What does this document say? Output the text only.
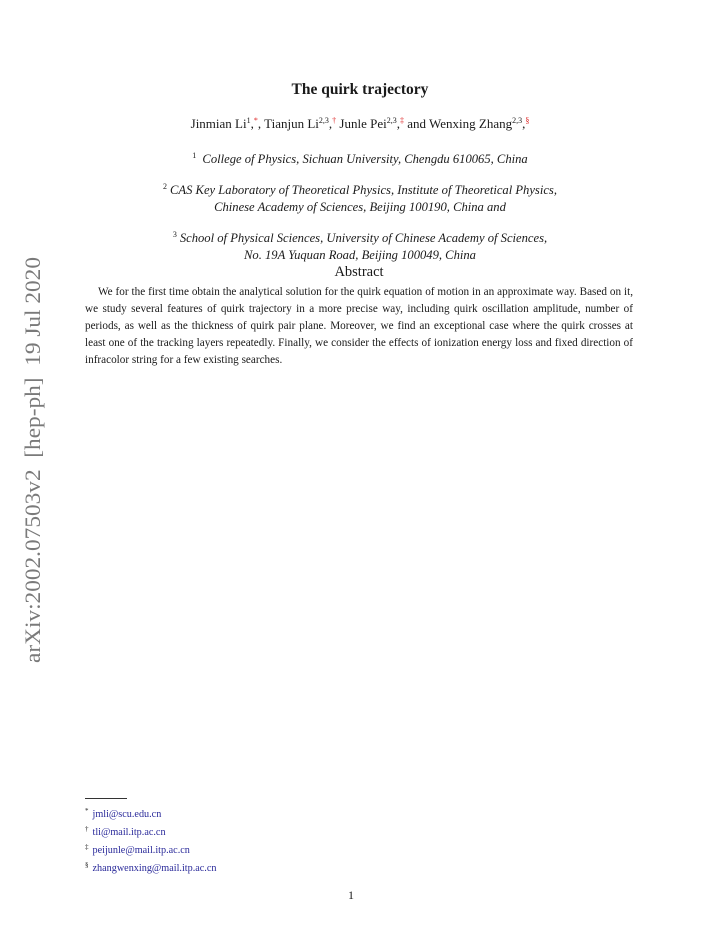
arXiv:2002.07503v2  [hep-ph]  19 Jul 2020
The quirk trajectory
Jinmian Li$^1$,*, Tianjun Li$^{2,3}$,† Junle Pei$^{2,3}$,‡ and Wenxing Zhang$^{2,3}$,§
$^1$ College of Physics, Sichuan University, Chengdu 610065, China
$^2$ CAS Key Laboratory of Theoretical Physics, Institute of Theoretical Physics,
Chinese Academy of Sciences, Beijing 100190, China and
$^3$ School of Physical Sciences, University of Chinese Academy of Sciences,
No. 19A Yuquan Road, Beijing 100049, China
Abstract

We for the first time obtain the analytical solution for the quirk equation of motion in an approximate way. Based on it, we study several features of quirk trajectory in a more precise way, including quirk oscillation amplitude, number of periods, as well as the thickness of quirk pair plane. Moreover, we find an exceptional case where the quirk crosses at least one of the tracking layers repeatedly. Finally, we consider the effects of ionization energy loss and fixed direction of infracolor string for a few existing searches.

* jmli@scu.edu.cn
† tli@mail.itp.ac.cn
‡ peijunle@mail.itp.ac.cn
§ zhangwenxing@mail.itp.ac.cn
1
